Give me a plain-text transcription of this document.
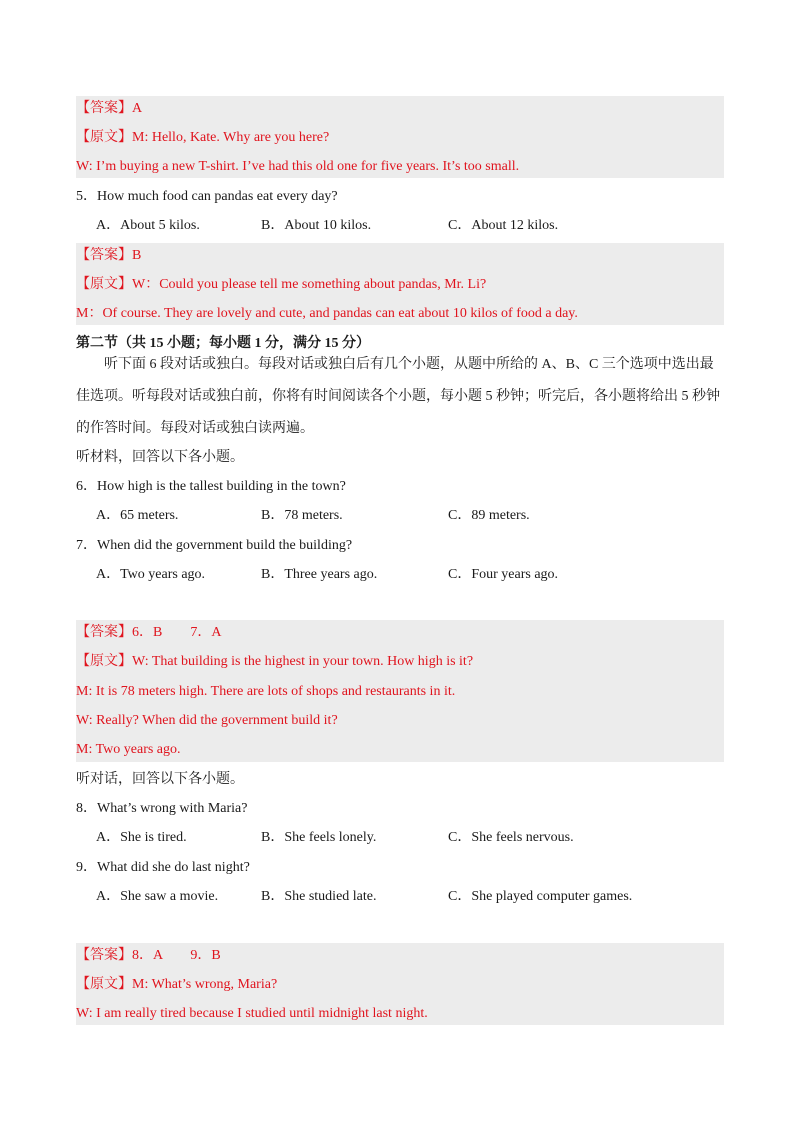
【答案】A
【原文】M: Hello, Kate. Why are you here?
W: I’m buying a new T-shirt. I’ve had this old one for five years. It’s too small.
5．How much food can pandas eat every day?
A．About 5 kilos.	B．About 10 kilos.	C．About 12 kilos.
【答案】B
【原文】W：Could you please tell me something about pandas, Mr. Li?
M：Of course. They are lovely and cute, and pandas can eat about 10 kilos of food a day.
第二节（共 15 小题；每小题 1 分，满分 15 分）
听下面 6 段对话或独白。每段对话或独白后有几个小题，从题中所给的 A、B、C 三个选项中选出最
佳选项。听每段对话或独白前，你将有时间阅读各个小题，每小题 5 秒钟；听完后，各小题将给出 5 秒钟
的作答时间。每段对话或独白读两遍。
听材料，回答以下各小题。
6．How high is the tallest building in the town?
A．65 meters.	B．78 meters.	C．89 meters.
7．When did the government build the building?
A．Two years ago.	B．Three years ago.	C．Four years ago.
【答案】6．B　　7．A
【原文】W: That building is the highest in your town. How high is it?
M: It is 78 meters high. There are lots of shops and restaurants in it.
W: Really? When did the government build it?
M: Two years ago.
听对话，回答以下各小题。
8．What’s wrong with Maria?
A．She is tired.	B．She feels lonely.	C．She feels nervous.
9．What did she do last night?
A．She saw a movie.	B．She studied late.	C．She played computer games.
【答案】8．A　　9．B
【原文】M: What’s wrong, Maria?
W: I am really tired because I studied until midnight last night.
